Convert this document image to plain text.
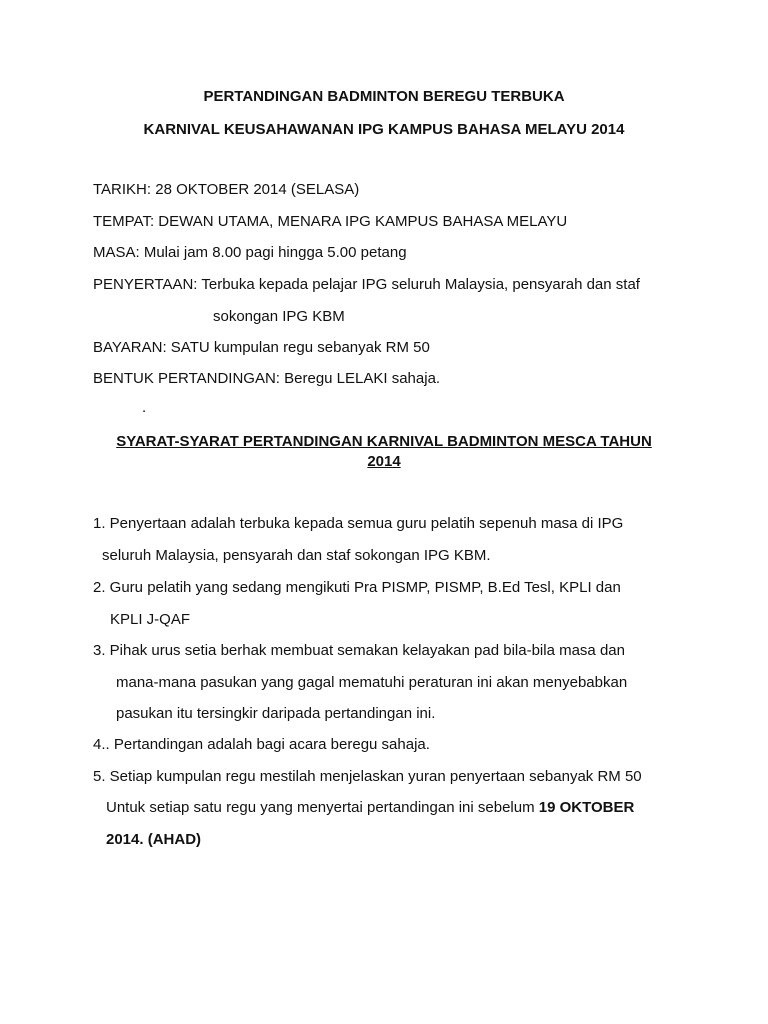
PERTANDINGAN BADMINTON BEREGU TERBUKA
KARNIVAL KEUSAHAWANAN IPG KAMPUS BAHASA MELAYU 2014
TARIKH: 28 OKTOBER 2014 (SELASA)
TEMPAT: DEWAN UTAMA, MENARA IPG KAMPUS BAHASA MELAYU
MASA: Mulai jam 8.00 pagi hingga 5.00 petang
PENYERTAAN: Terbuka kepada pelajar IPG seluruh Malaysia, pensyarah dan staf
sokongan IPG KBM
BAYARAN: SATU kumpulan regu sebanyak RM 50
BENTUK PERTANDINGAN: Beregu LELAKI sahaja.
.
SYARAT-SYARAT PERTANDINGAN KARNIVAL BADMINTON MESCA TAHUN
2014
1. Penyertaan adalah terbuka kepada semua guru pelatih sepenuh masa di IPG
seluruh Malaysia, pensyarah dan staf sokongan IPG KBM.
2. Guru pelatih yang sedang mengikuti Pra PISMP, PISMP, B.Ed Tesl, KPLI dan
KPLI J-QAF
3. Pihak urus setia berhak membuat semakan kelayakan pad bila-bila masa dan
mana-mana pasukan yang gagal mematuhi peraturan ini akan menyebabkan
pasukan itu tersingkir daripada pertandingan ini.
4.. Pertandingan adalah bagi acara beregu sahaja.
5. Setiap kumpulan regu mestilah menjelaskan yuran penyertaan sebanyak RM 50
Untuk setiap satu regu yang menyertai pertandingan ini sebelum 19 OKTOBER
2014. (AHAD)
